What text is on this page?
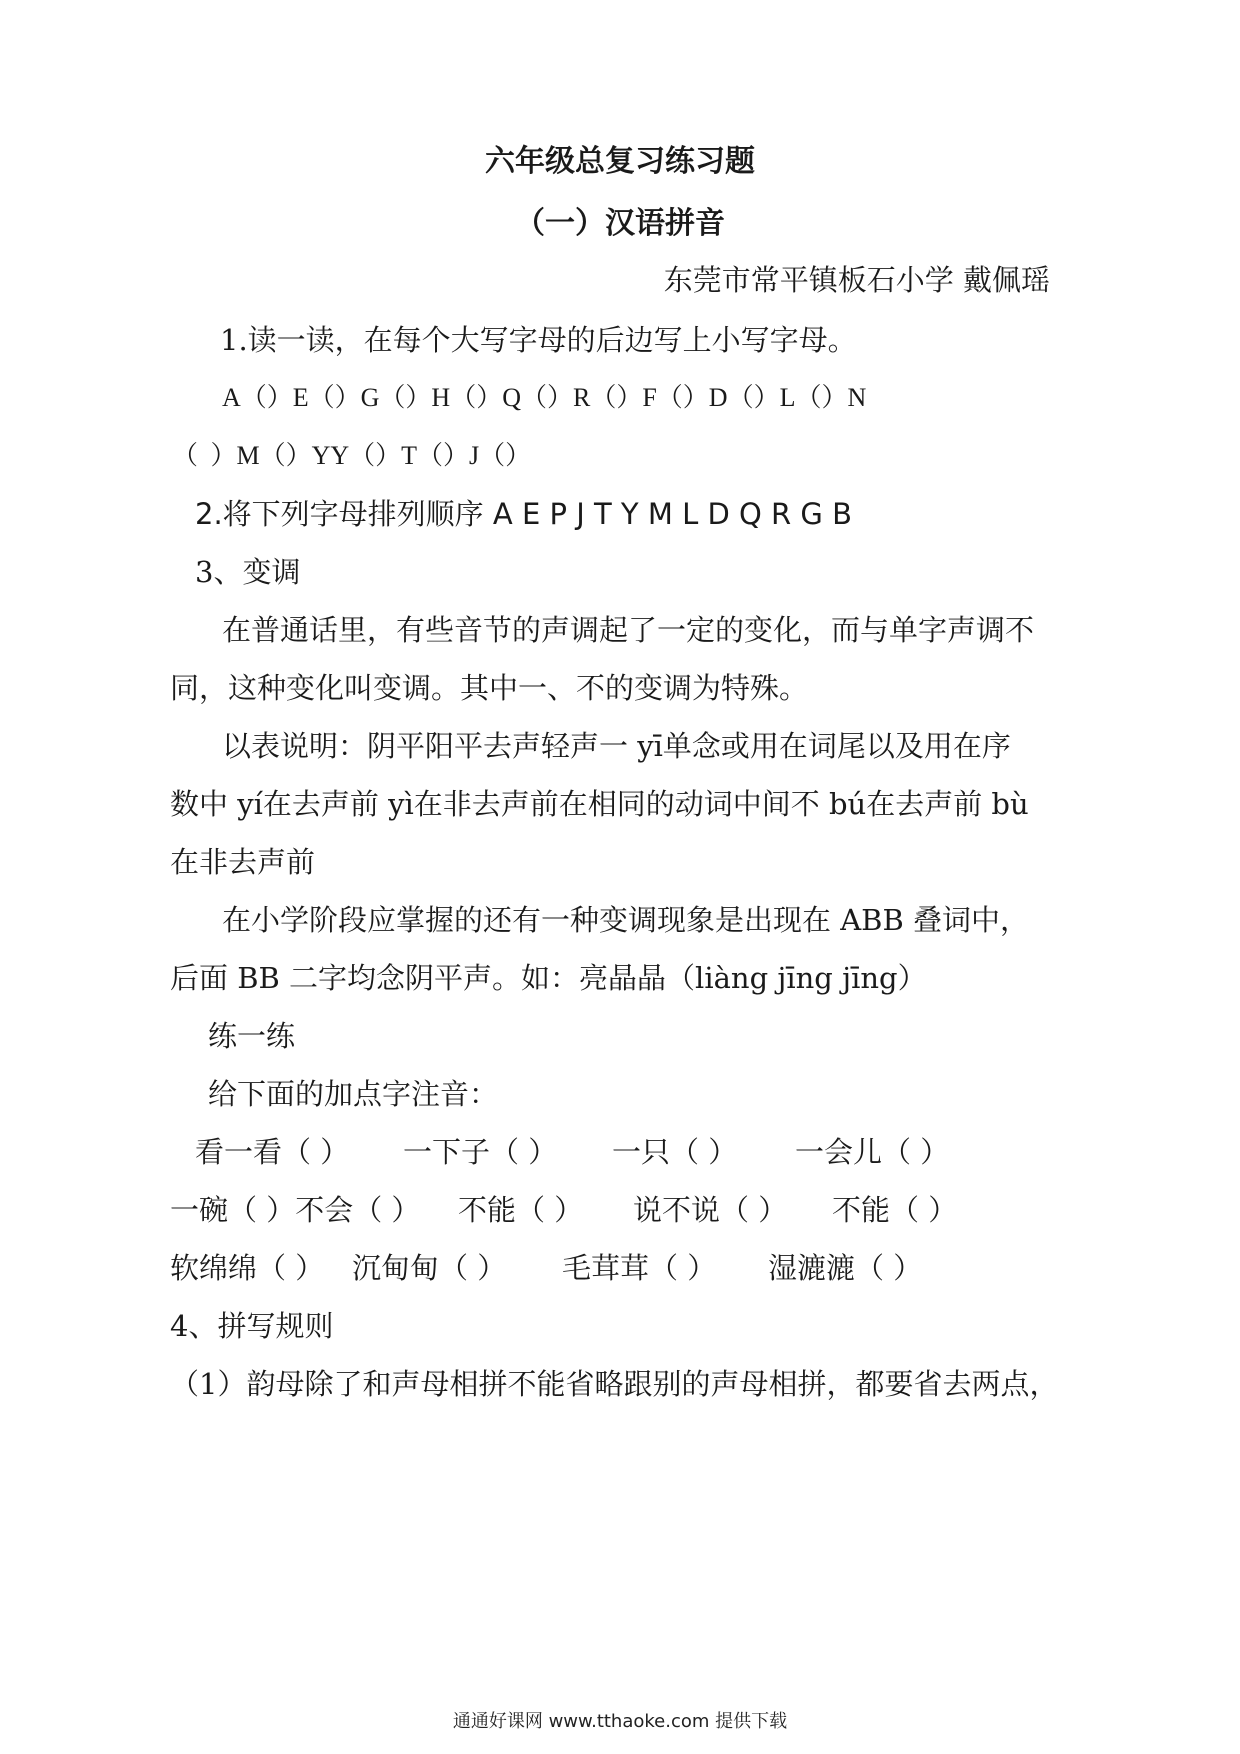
六年级总复习练习题
（一）汉语拼音

东莞市常平镇板石小学 戴佩瑶

1.读一读，在每个大写字母的后边写上小写字母。

A（）E（）G（）H（）Q（）R（）F（）D（）L（）N

（ ）M（）YY（）T（）J（）

2.将下列字母排列顺序 A E P J T Y M L D Q R G B

3、变调

在普通话里，有些音节的声调起了一定的变化，而与单字声调不

同，这种变化叫变调。其中一、不的变调为特殊。

以表说明：阴平阳平去声轻声一 yī单念或用在词尾以及用在序

数中 yí在去声前 yì在非去声前在相同的动词中间不 bú在去声前 bù

在非去声前

在小学阶段应掌握的还有一种变调现象是出现在 ABB 叠词中，

后面 BB 二字均念阴平声。如：亮晶晶（liàng jīng jīng）

练一练

给下面的加点字注音：

看一看（ ） 一下子（ ） 一只（ ） 一会儿（ ）
一碗（ ）不会（ ） 不能（ ） 说不说（ ） 不能（ ）
软绵绵（ ） 沉甸甸（ ） 毛茸茸（ ） 湿漉漉（ ）

4、拼写规则

（1）韵母除了和声母相拼不能省略跟别的声母相拼，都要省去两点，

通通好课网 www.tthaoke.com 提供下载
